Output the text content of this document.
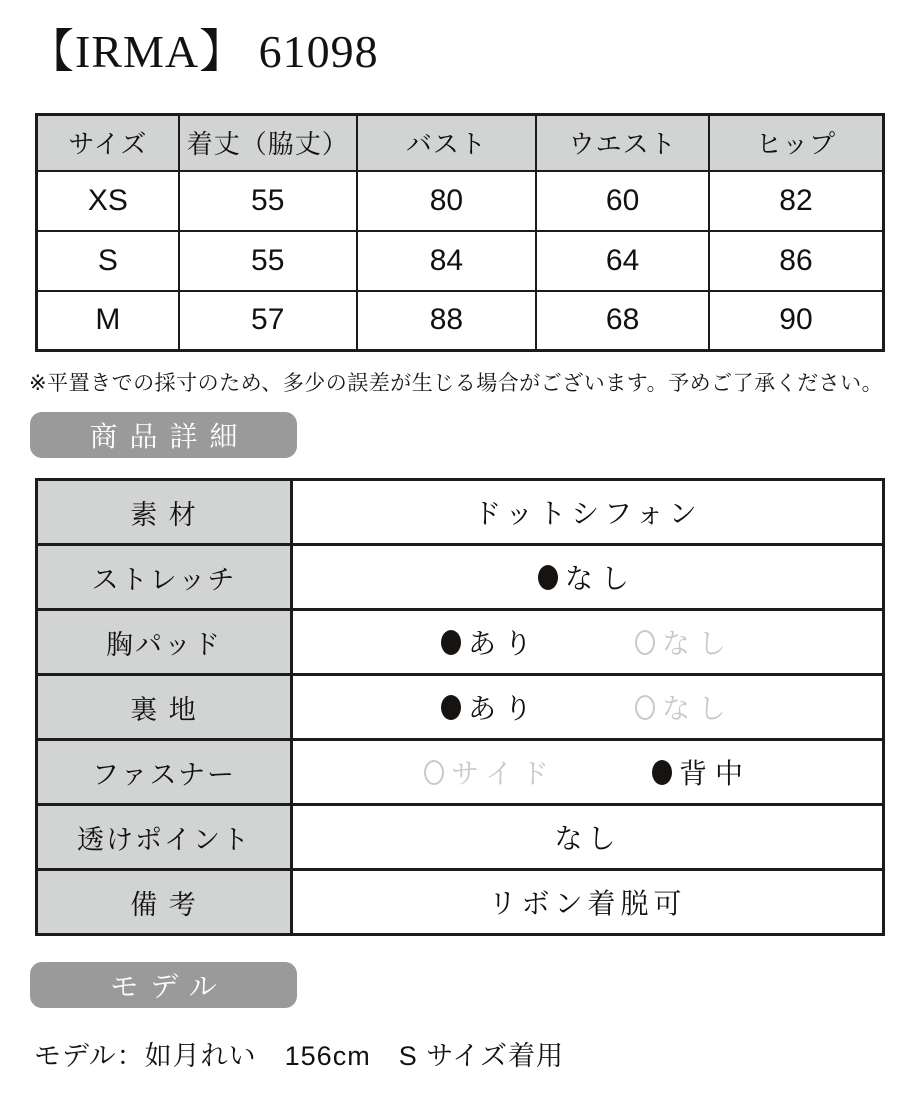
【IRMA】 61098
サイズ	着丈（脇丈）	バスト	ウエスト	ヒップ
XS	55	80	60	82
S	55	84	64	86
M	57	88	68	90
※平置きでの採寸のため、多少の誤差が生じる場合がございます。予めご了承ください。
商品詳細
素 材	ドットシフォン
ストレッチ	なし

胸パッド	あり なし

裏 地	あり なし

ファスナー	サイド 背中

透けポイント	なし
備 考	リボン着脱可
モデル
モデル：如月れい　156cm　S サイズ着用
